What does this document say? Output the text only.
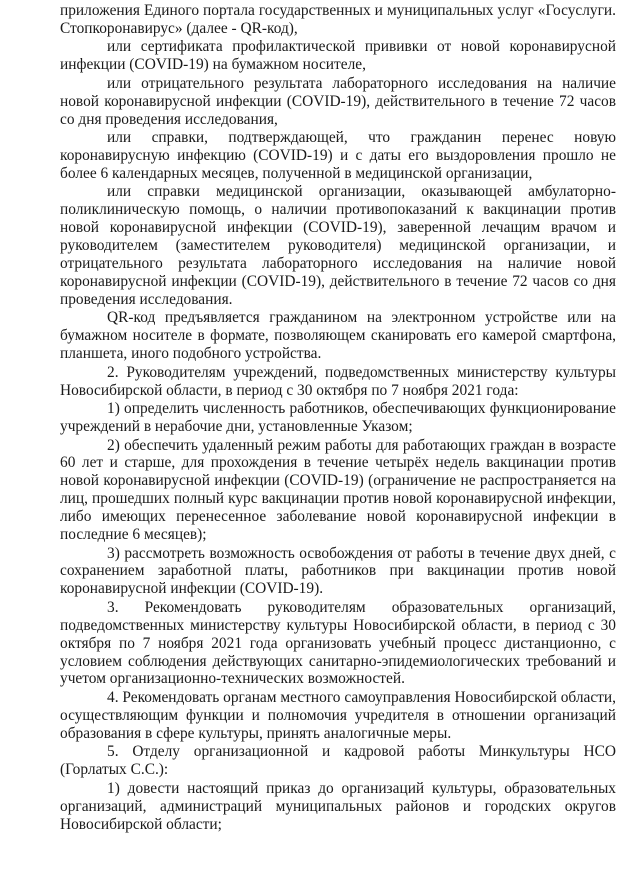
приложения Единого портала государственных и муниципальных услуг «Госуслуги. Стопкоронавирус» (далее - QR-код),

или сертификата профилактической прививки от новой коронавирусной инфекции (COVID-19) на бумажном носителе,

или отрицательного результата лабораторного исследования на наличие новой коронавирусной инфекции (COVID-19), действительного в течение 72 часов со дня проведения исследования,

или справки, подтверждающей, что гражданин перенес новую коронавирусную инфекцию (COVID-19) и с даты его выздоровления прошло не более 6 календарных месяцев, полученной в медицинской организации,

или справки медицинской организации, оказывающей амбулаторно-поликлиническую помощь, о наличии противопоказаний к вакцинации против новой коронавирусной инфекции (COVID-19), заверенной лечащим врачом и руководителем (заместителем руководителя) медицинской организации, и отрицательного результата лабораторного исследования на наличие новой коронавирусной инфекции (COVID-19), действительного в течение 72 часов со дня проведения исследования.

QR-код предъявляется гражданином на электронном устройстве или на бумажном носителе в формате, позволяющем сканировать его камерой смартфона, планшета, иного подобного устройства.

2. Руководителям учреждений, подведомственных министерству культуры Новосибирской области, в период с 30 октября по 7 ноября 2021 года:

1) определить численность работников, обеспечивающих функционирование учреждений в нерабочие дни, установленные Указом;

2) обеспечить удаленный режим работы для работающих граждан в возрасте 60 лет и старше, для прохождения в течение четырёх недель вакцинации против новой коронавирусной инфекции (COVID-19) (ограничение не распространяется на лиц, прошедших полный курс вакцинации против новой коронавирусной инфекции, либо имеющих перенесенное заболевание новой коронавирусной инфекции в последние 6 месяцев);

3) рассмотреть возможность освобождения от работы в течение двух дней, с сохранением заработной платы, работников при вакцинации против новой коронавирусной инфекции (COVID-19).

3. Рекомендовать руководителям образовательных организаций, подведомственных министерству культуры Новосибирской области, в период с 30 октября по 7 ноября 2021 года организовать учебный процесс дистанционно, с условием соблюдения действующих санитарно-эпидемиологических требований и учетом организационно-технических возможностей.

4. Рекомендовать органам местного самоуправления Новосибирской области, осуществляющим функции и полномочия учредителя в отношении организаций образования в сфере культуры, принять аналогичные меры.

5. Отделу организационной и кадровой работы Минкультуры НСО (Горлатых С.С.):

1) довести настоящий приказ до организаций культуры, образовательных организаций, администраций муниципальных районов и городских округов Новосибирской области;
